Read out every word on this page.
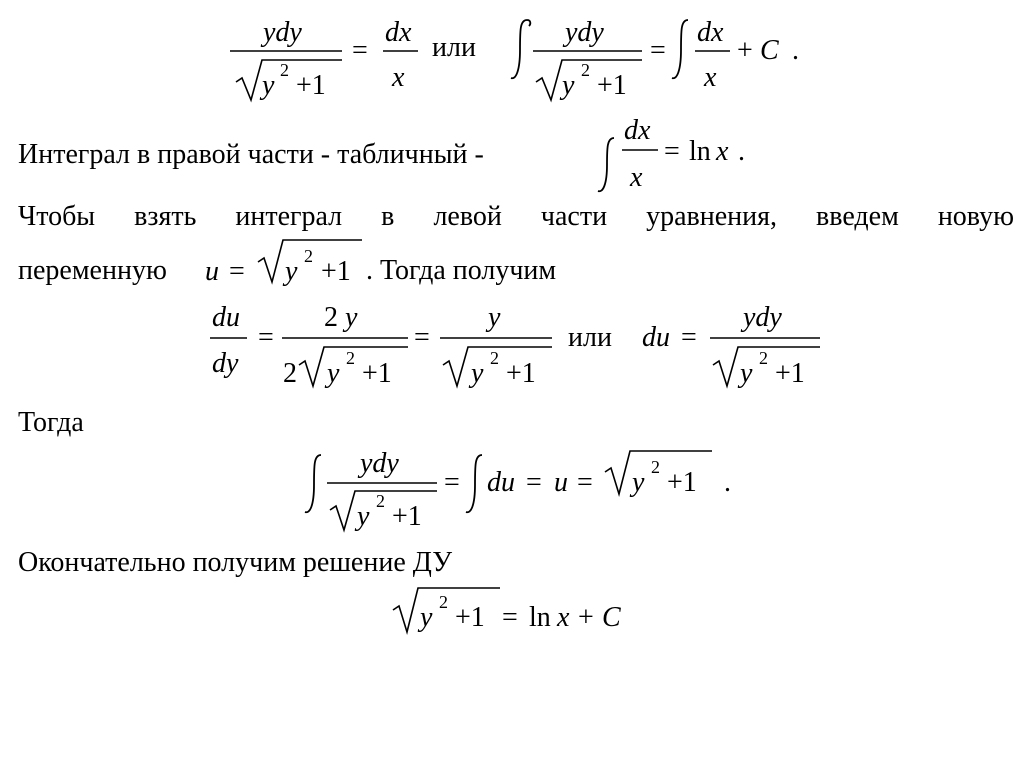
ydy
y 2 +1
=
dx
x
ydy
y 2 +1
=
dx
x
+ C .
или
Интеграл в правой части - табличный -
dx
x
= ln x .
Чтобы взять интеграл в левой части уравнения, введем новую
переменную u = y 2 +1 . Тогда получим
du
dy
=
2 y
2 y 2 +1
=
y
y 2 +1
du =
ydy
y 2 +1
или
Тогда
ydy
y 2 +1
= du = u = y 2 +1 .
Окончательно получим решение ДУ
y 2 +1 = ln x + C
